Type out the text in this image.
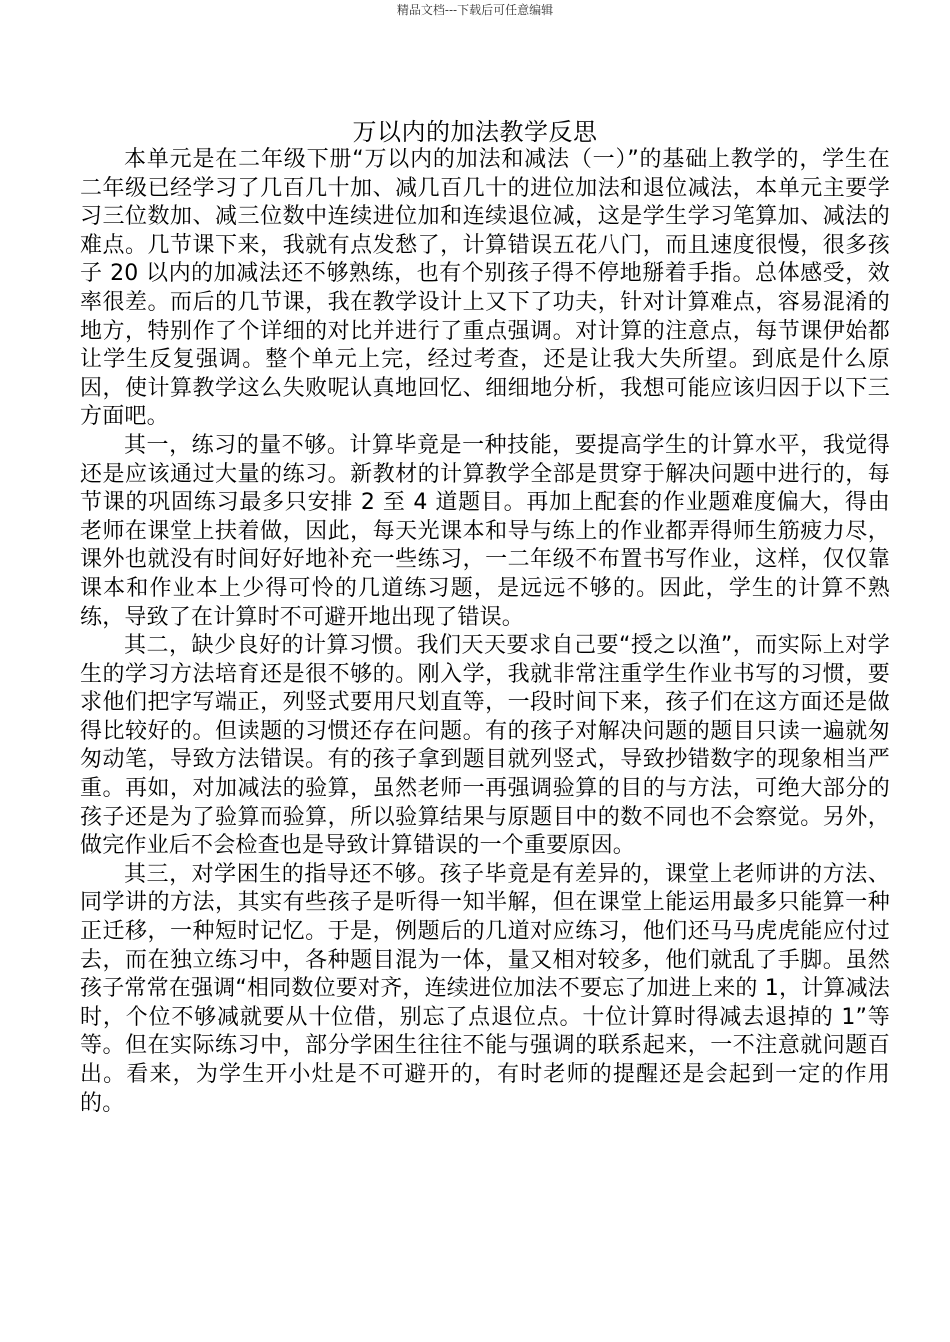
精品文档---下载后可任意编辑
万以内的加法教学反思

本单元是在二年级下册“万以内的加法和减法（一）”的基础上教学的，学生在二年级已经学习了几百几十加、减几百几十的进位加法和退位减法，本单元主要学习三位数加、减三位数中连续进位加和连续退位减，这是学生学习笔算加、减法的难点。几节课下来，我就有点发愁了，计算错误五花八门，而且速度很慢，很多孩子 20 以内的加减法还不够熟练，也有个别孩子得不停地掰着手指。总体感受，效率很差。而后的几节课，我在教学设计上又下了功夫，针对计算难点，容易混淆的地方，特别作了个详细的对比并进行了重点强调。对计算的注意点，每节课伊始都让学生反复强调。整个单元上完，经过考查，还是让我大失所望。到底是什么原因，使计算教学这么失败呢认真地回忆、细细地分析，我想可能应该归因于以下三方面吧。

其一，练习的量不够。计算毕竟是一种技能，要提高学生的计算水平，我觉得还是应该通过大量的练习。新教材的计算教学全部是贯穿于解决问题中进行的，每节课的巩固练习最多只安排 2 至 4 道题目。再加上配套的作业题难度偏大，得由老师在课堂上扶着做，因此，每天光课本和导与练上的作业都弄得师生筋疲力尽，课外也就没有时间好好地补充一些练习，一二年级不布置书写作业，这样，仅仅靠课本和作业本上少得可怜的几道练习题，是远远不够的。因此，学生的计算不熟练，导致了在计算时不可避开地出现了错误。

其二，缺少良好的计算习惯。我们天天要求自己要“授之以渔”，而实际上对学生的学习方法培育还是很不够的。刚入学，我就非常注重学生作业书写的习惯，要求他们把字写端正，列竖式要用尺划直等，一段时间下来，孩子们在这方面还是做得比较好的。但读题的习惯还存在问题。有的孩子对解决问题的题目只读一遍就匆匆动笔，导致方法错误。有的孩子拿到题目就列竖式，导致抄错数字的现象相当严重。再如，对加减法的验算，虽然老师一再强调验算的目的与方法，可绝大部分的孩子还是为了验算而验算，所以验算结果与原题目中的数不同也不会察觉。另外，做完作业后不会检查也是导致计算错误的一个重要原因。

其三，对学困生的指导还不够。孩子毕竟是有差异的，课堂上老师讲的方法、同学讲的方法，其实有些孩子是听得一知半解，但在课堂上能运用最多只能算一种正迁移，一种短时记忆。于是，例题后的几道对应练习，他们还马马虎虎能应付过去，而在独立练习中，各种题目混为一体，量又相对较多，他们就乱了手脚。虽然孩子常常在强调“相同数位要对齐，连续进位加法不要忘了加进上来的 1，计算减法时，个位不够减就要从十位借，别忘了点退位点。十位计算时得减去退掉的 1”等等。但在实际练习中，部分学困生往往不能与强调的联系起来，一不注意就问题百出。看来，为学生开小灶是不可避开的，有时老师的提醒还是会起到一定的作用的。
